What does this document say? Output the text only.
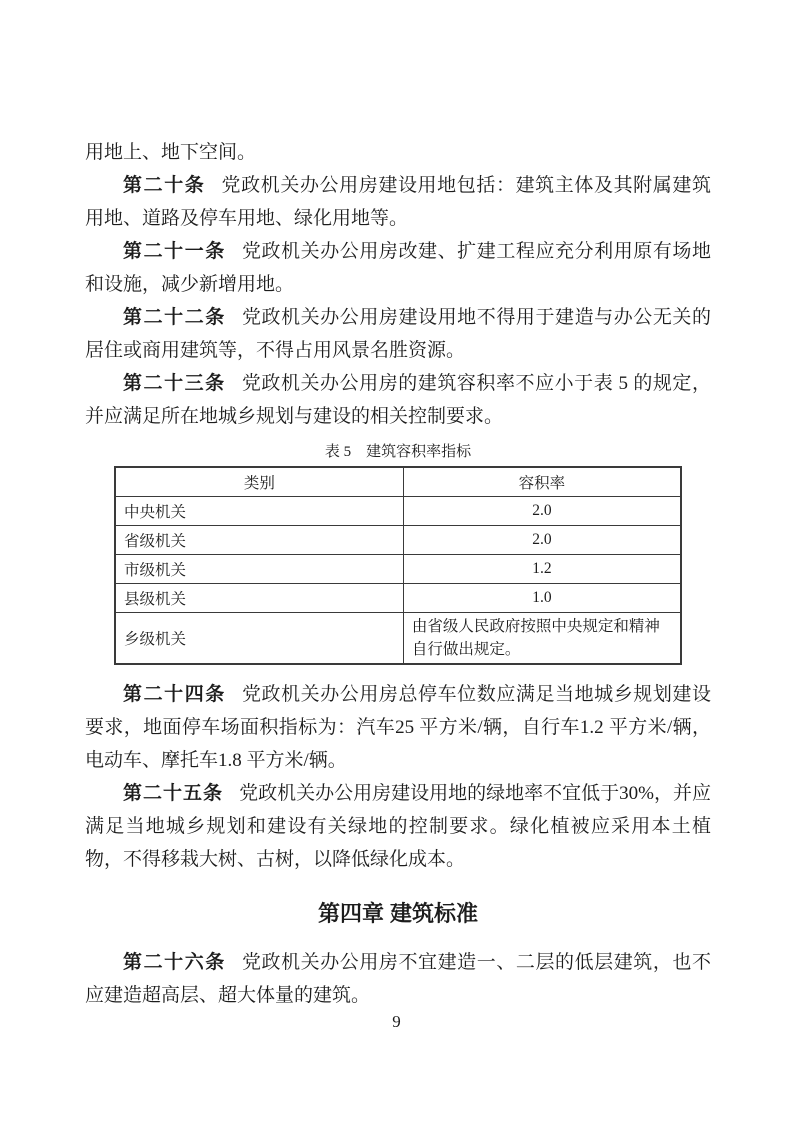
用地上、地下空间。

第二十条 党政机关办公用房建设用地包括：建筑主体及其附属建筑用地、道路及停车用地、绿化用地等。

第二十一条 党政机关办公用房改建、扩建工程应充分利用原有场地和设施，减少新增用地。

第二十二条 党政机关办公用房建设用地不得用于建造与办公无关的居住或商用建筑等，不得占用风景名胜资源。

第二十三条 党政机关办公用房的建筑容积率不应小于表 5 的规定，并应满足所在地城乡规划与建设的相关控制要求。

表 5　建筑容积率指标
类别	容积率
中央机关	2.0
省级机关	2.0
市级机关	1.2
县级机关	1.0
乡级机关	由省级人民政府按照中央规定和精神自行做出规定。

第二十四条 党政机关办公用房总停车位数应满足当地城乡规划建设要求，地面停车场面积指标为：汽车25 平方米/辆，自行车1.2 平方米/辆，电动车、摩托车1.8 平方米/辆。

第二十五条 党政机关办公用房建设用地的绿地率不宜低于30%，并应满足当地城乡规划和建设有关绿地的控制要求。绿化植被应采用本土植物，不得移栽大树、古树，以降低绿化成本。

第四章 建筑标准

第二十六条 党政机关办公用房不宜建造一、二层的低层建筑，也不应建造超高层、超大体量的建筑。

9
